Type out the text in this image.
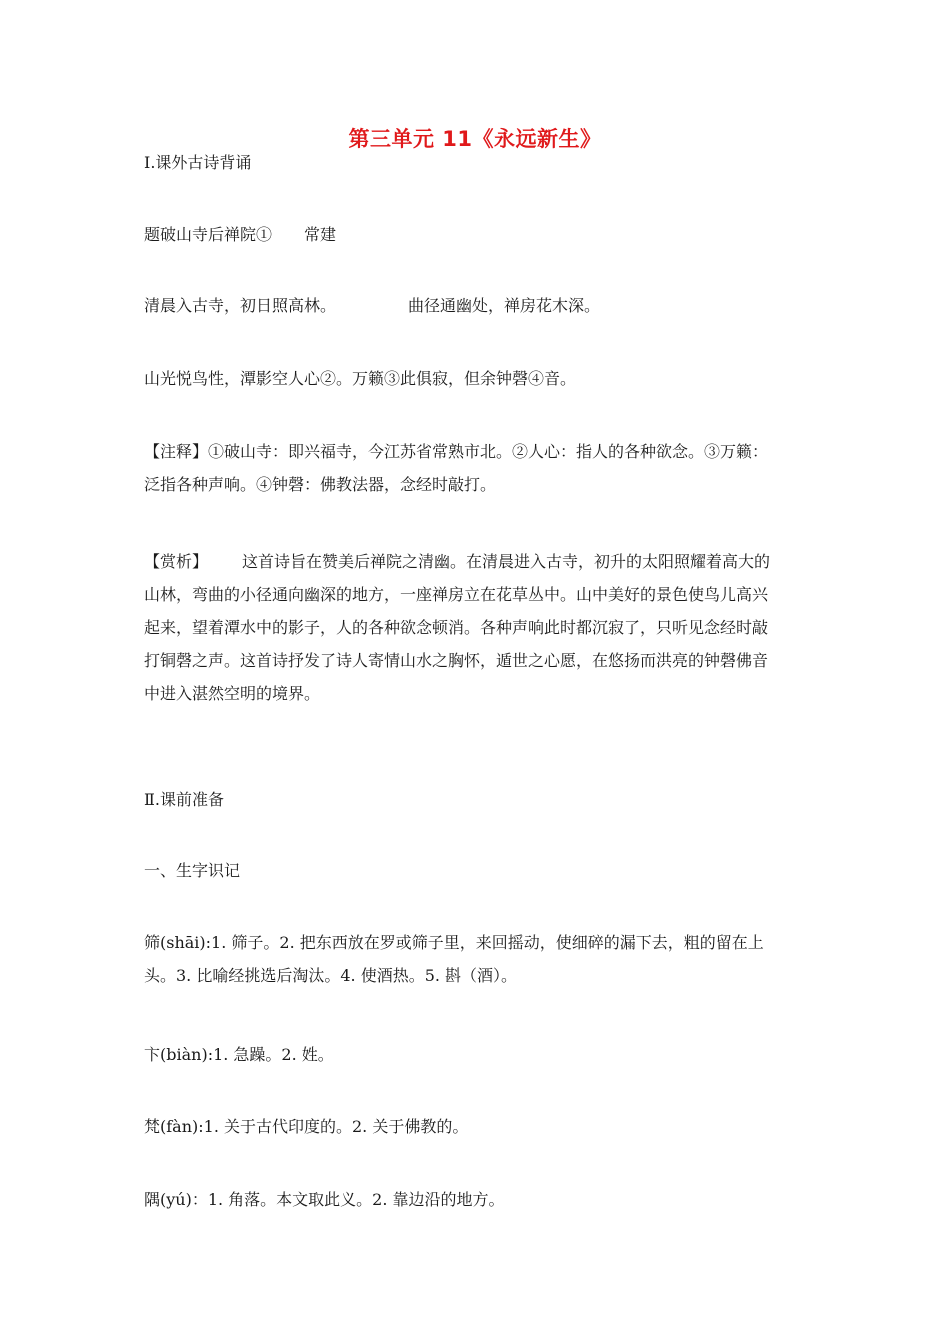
第三单元 11《永远新生》
Ⅰ.课外古诗背诵
题破山寺后禅院① 常建
清晨入古寺，初日照高林。	曲径通幽处，禅房花木深。
山光悦鸟性，潭影空人心②。万籁③此俱寂，但余钟磬④音。
【注释】①破山寺：即兴福寺，今江苏省常熟市北。②人心：指人的各种欲念。③万籁：
泛指各种声响。④钟磬：佛教法器，念经时敲打。
【赏析】 这首诗旨在赞美后禅院之清幽。在清晨进入古寺，初升的太阳照耀着高大的
山林，弯曲的小径通向幽深的地方，一座禅房立在花草丛中。山中美好的景色使鸟儿高兴
起来，望着潭水中的影子，人的各种欲念顿消。各种声响此时都沉寂了，只听见念经时敲
打铜磬之声。这首诗抒发了诗人寄情山水之胸怀，遁世之心愿，在悠扬而洪亮的钟磬佛音
中进入湛然空明的境界。
Ⅱ.课前准备
一、生字识记
筛(shāi):1. 筛子。2. 把东西放在罗或筛子里，来回摇动，使细碎的漏下去，粗的留在上
头。3. 比喻经挑选后淘汰。4. 使酒热。5. 斟（酒）。
卞(biàn):1. 急躁。2. 姓。
梵(fàn):1. 关于古代印度的。2. 关于佛教的。
隅(yú)：1. 角落。本文取此义。2. 靠边沿的地方。
